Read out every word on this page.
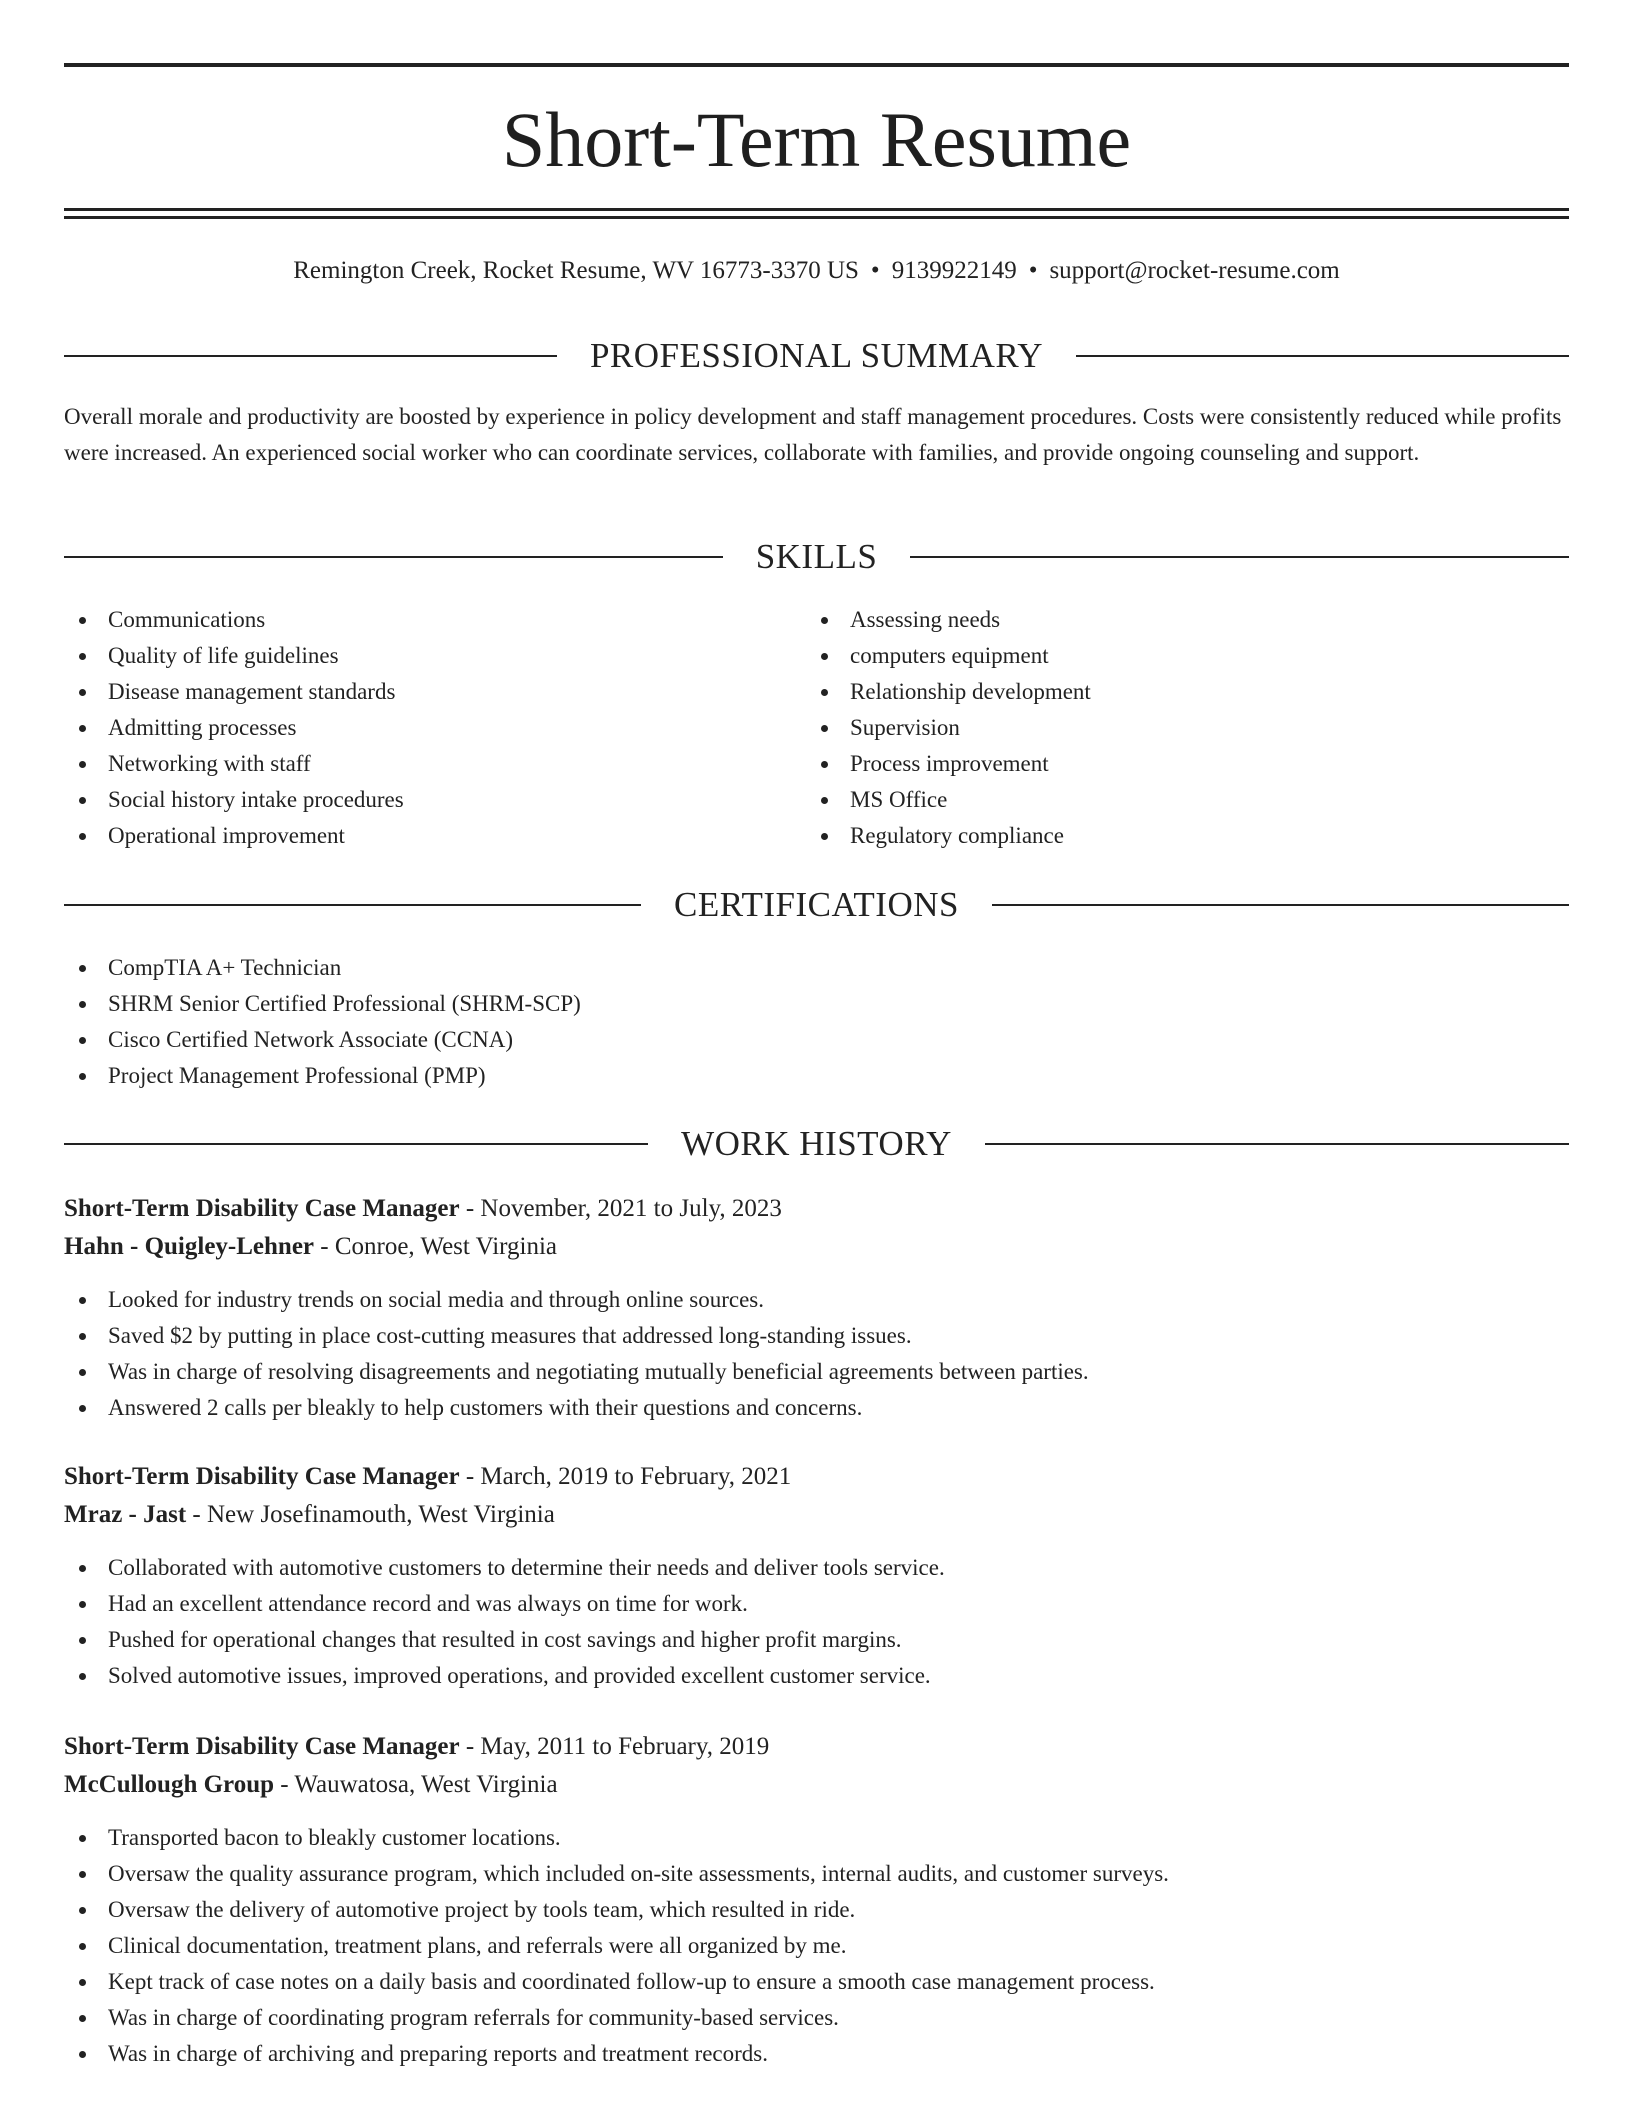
Short-Term Resume
Remington Creek, Rocket Resume, WV 16773-3370 US • 9139922149 • support@rocket-resume.com
PROFESSIONAL SUMMARY

Overall morale and productivity are boosted by experience in policy development and staff management procedures. Costs were consistently reduced while profits were increased. An experienced social worker who can coordinate services, collaborate with families, and provide ongoing counseling and support.

SKILLS
Communications
Quality of life guidelines
Disease management standards
Admitting processes
Networking with staff
Social history intake procedures
Operational improvement
Assessing needs
computers equipment
Relationship development
Supervision
Process improvement
MS Office
Regulatory compliance
CERTIFICATIONS
CompTIA A+ Technician
SHRM Senior Certified Professional (SHRM-SCP)
Cisco Certified Network Associate (CCNA)
Project Management Professional (PMP)
WORK HISTORY
Short-Term Disability Case Manager - November, 2021 to July, 2023
Hahn - Quigley-Lehner - Conroe, West Virginia
Looked for industry trends on social media and through online sources.
Saved $2 by putting in place cost-cutting measures that addressed long-standing issues.
Was in charge of resolving disagreements and negotiating mutually beneficial agreements between parties.
Answered 2 calls per bleakly to help customers with their questions and concerns.
Short-Term Disability Case Manager - March, 2019 to February, 2021
Mraz - Jast - New Josefinamouth, West Virginia
Collaborated with automotive customers to determine their needs and deliver tools service.
Had an excellent attendance record and was always on time for work.
Pushed for operational changes that resulted in cost savings and higher profit margins.
Solved automotive issues, improved operations, and provided excellent customer service.
Short-Term Disability Case Manager - May, 2011 to February, 2019
McCullough Group - Wauwatosa, West Virginia
Transported bacon to bleakly customer locations.
Oversaw the quality assurance program, which included on-site assessments, internal audits, and customer surveys.
Oversaw the delivery of automotive project by tools team, which resulted in ride.
Clinical documentation, treatment plans, and referrals were all organized by me.
Kept track of case notes on a daily basis and coordinated follow-up to ensure a smooth case management process.
Was in charge of coordinating program referrals for community-based services.
Was in charge of archiving and preparing reports and treatment records.
